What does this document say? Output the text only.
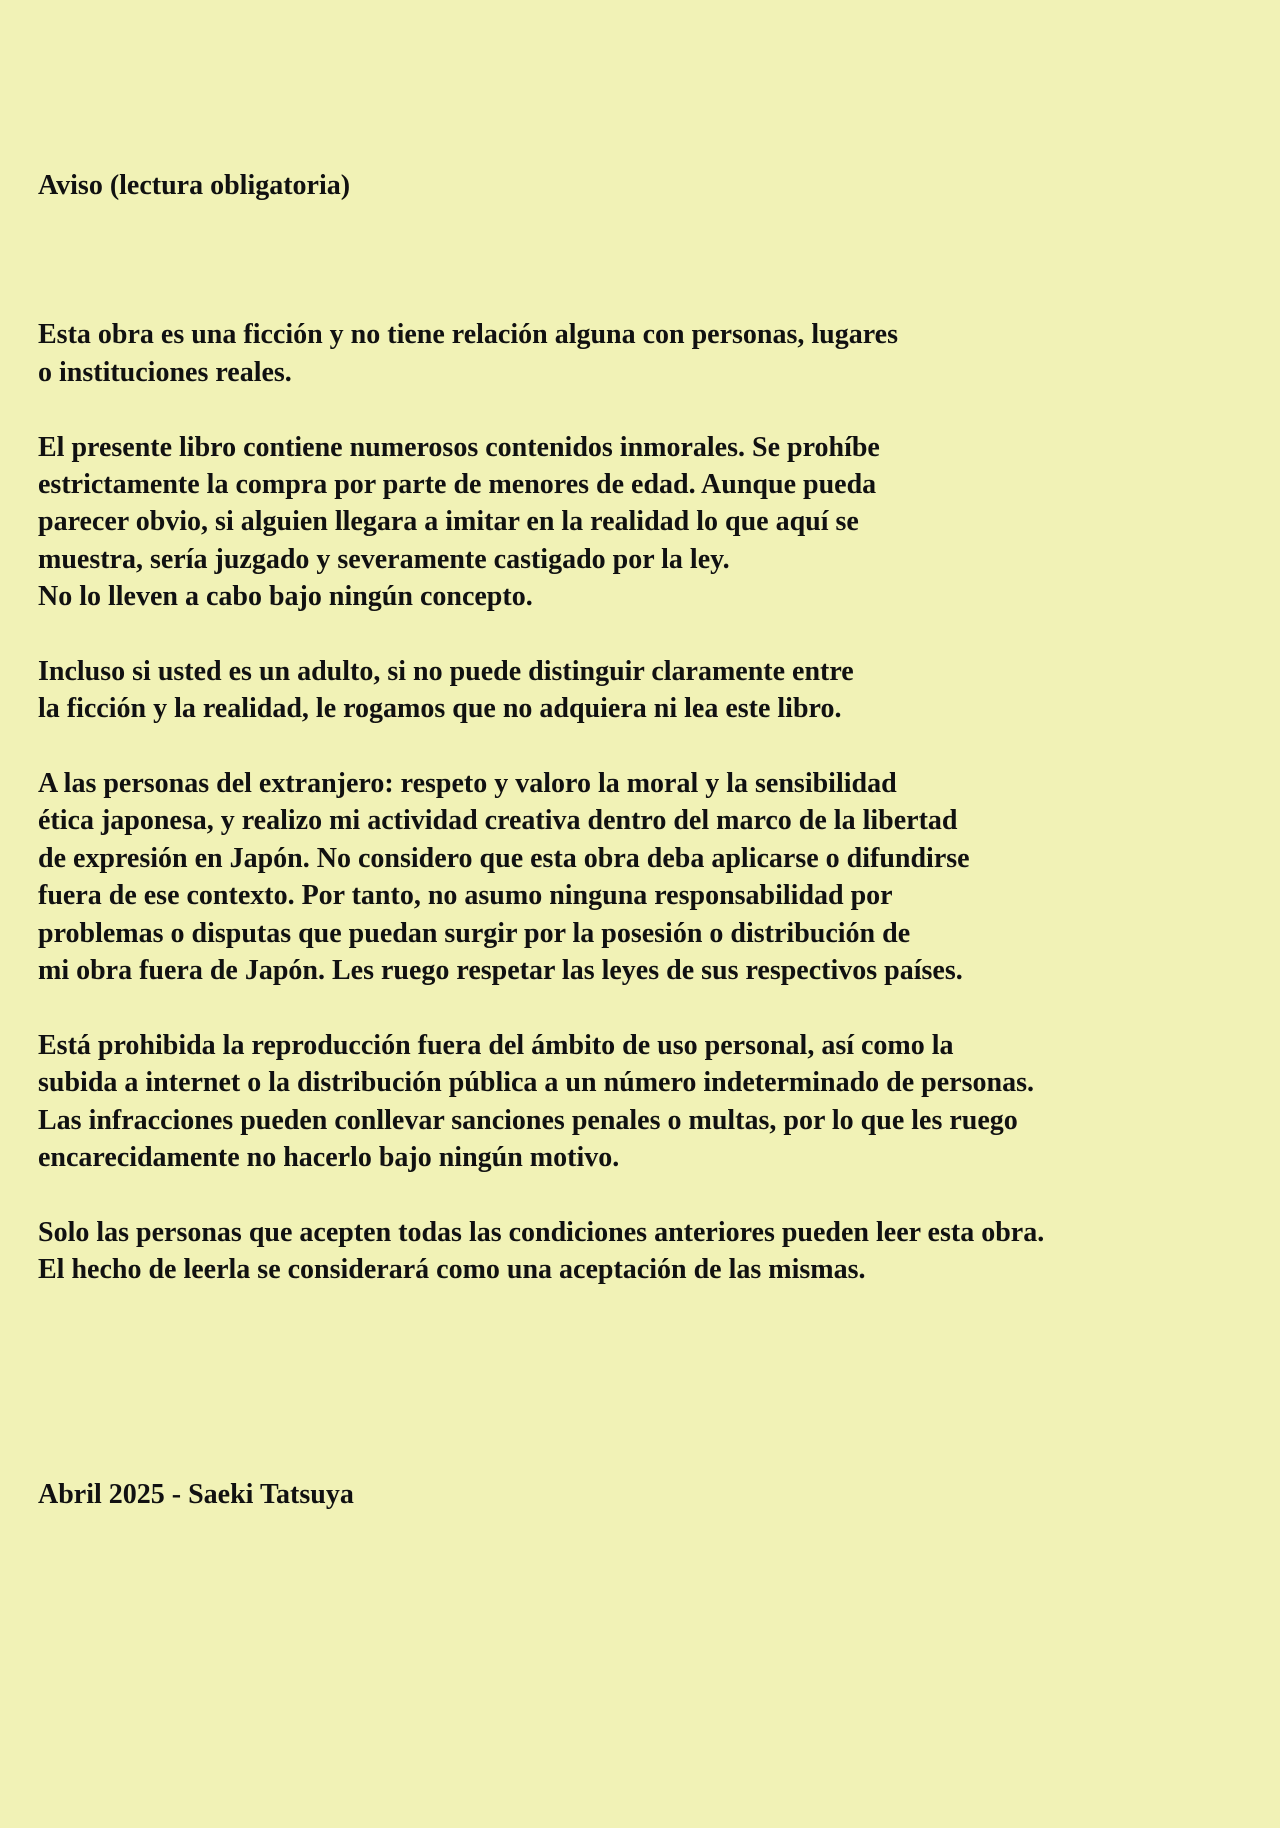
Aviso (lectura obligatoria)

Esta obra es una ficción y no tiene relación alguna con personas, lugares
o instituciones reales.
El presente libro contiene numerosos contenidos inmorales. Se prohíbe
estrictamente la compra por parte de menores de edad. Aunque pueda
parecer obvio, si alguien llegara a imitar en la realidad lo que aquí se
muestra, sería juzgado y severamente castigado por la ley.
No lo lleven a cabo bajo ningún concepto.
Incluso si usted es un adulto, si no puede distinguir claramente entre
la ficción y la realidad, le rogamos que no adquiera ni lea este libro.
A las personas del extranjero: respeto y valoro la moral y la sensibilidad
ética japonesa, y realizo mi actividad creativa dentro del marco de la libertad
de expresión en Japón. No considero que esta obra deba aplicarse o difundirse
fuera de ese contexto. Por tanto, no asumo ninguna responsabilidad por
problemas o disputas que puedan surgir por la posesión o distribución de
mi obra fuera de Japón. Les ruego respetar las leyes de sus respectivos países.
Está prohibida la reproducción fuera del ámbito de uso personal, así como la
subida a internet o la distribución pública a un número indeterminado de personas.
Las infracciones pueden conllevar sanciones penales o multas, por lo que les ruego
encarecidamente no hacerlo bajo ningún motivo.
Solo las personas que acepten todas las condiciones anteriores pueden leer esta obra.
El hecho de leerla se considerará como una aceptación de las mismas.

Abril 2025 - Saeki Tatsuya
